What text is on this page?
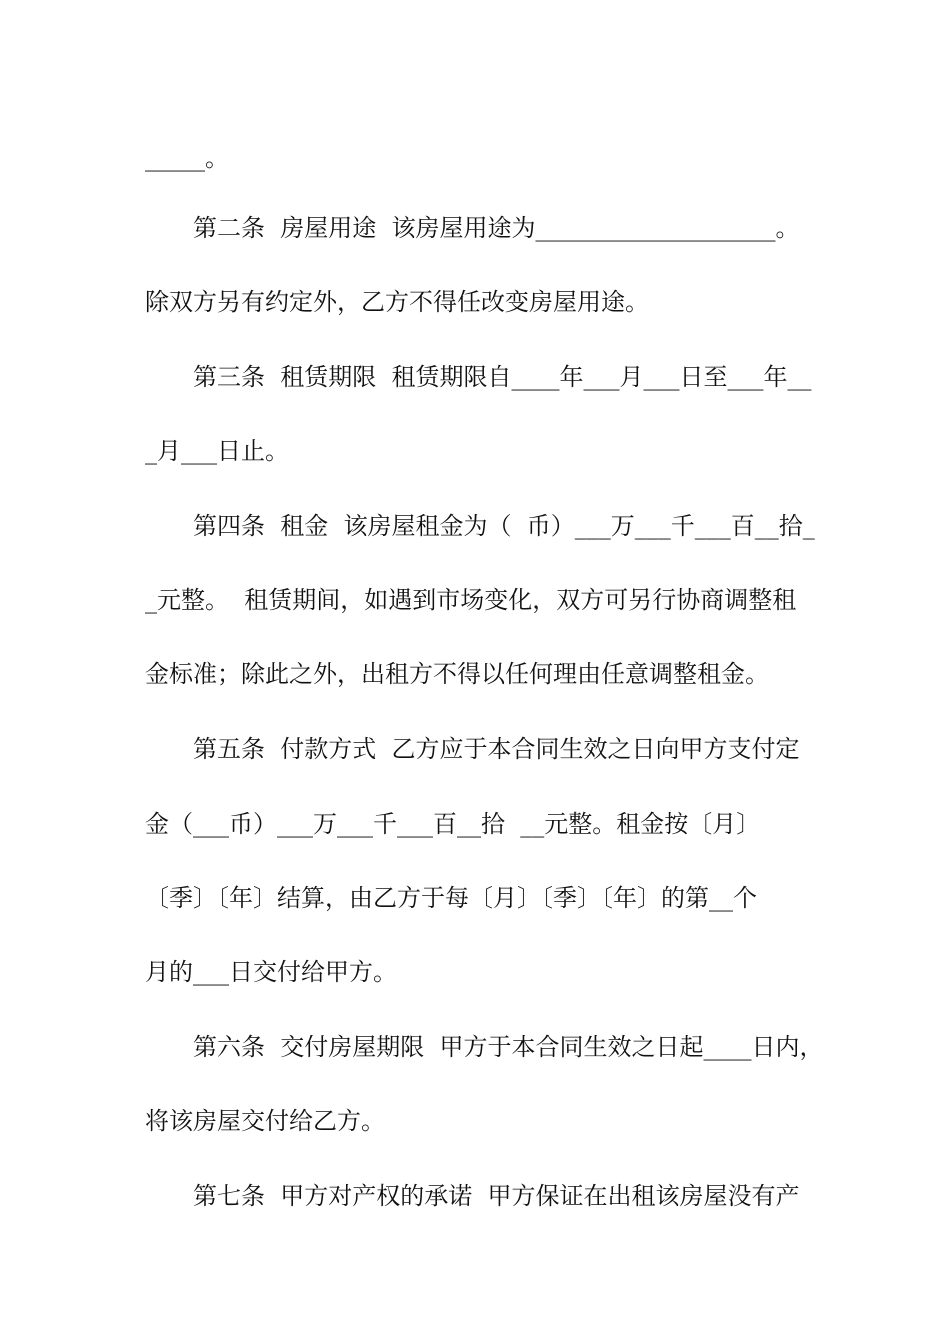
_____。
第二条  房屋用途  该房屋用途为____________________。
除双方另有约定外，乙方不得任改变房屋用途。
第三条  租赁期限  租赁期限自____年___月___日至___年__
_月___日止。
第四条  租金  该房屋租金为（  币）___万___千___百__拾_
_元整。  租赁期间，如遇到市场变化，双方可另行协商调整租
金标准；除此之外，出租方不得以任何理由任意调整租金。
第五条  付款方式  乙方应于本合同生效之日向甲方支付定
金（___币）___万___千___百__拾  __元整。租金按〔月〕
〔季〕〔年〕结算，由乙方于每〔月〕〔季〕〔年〕的第__个
月的___日交付给甲方。
第六条  交付房屋期限  甲方于本合同生效之日起____日内，
将该房屋交付给乙方。
第七条  甲方对产权的承诺  甲方保证在出租该房屋没有产
